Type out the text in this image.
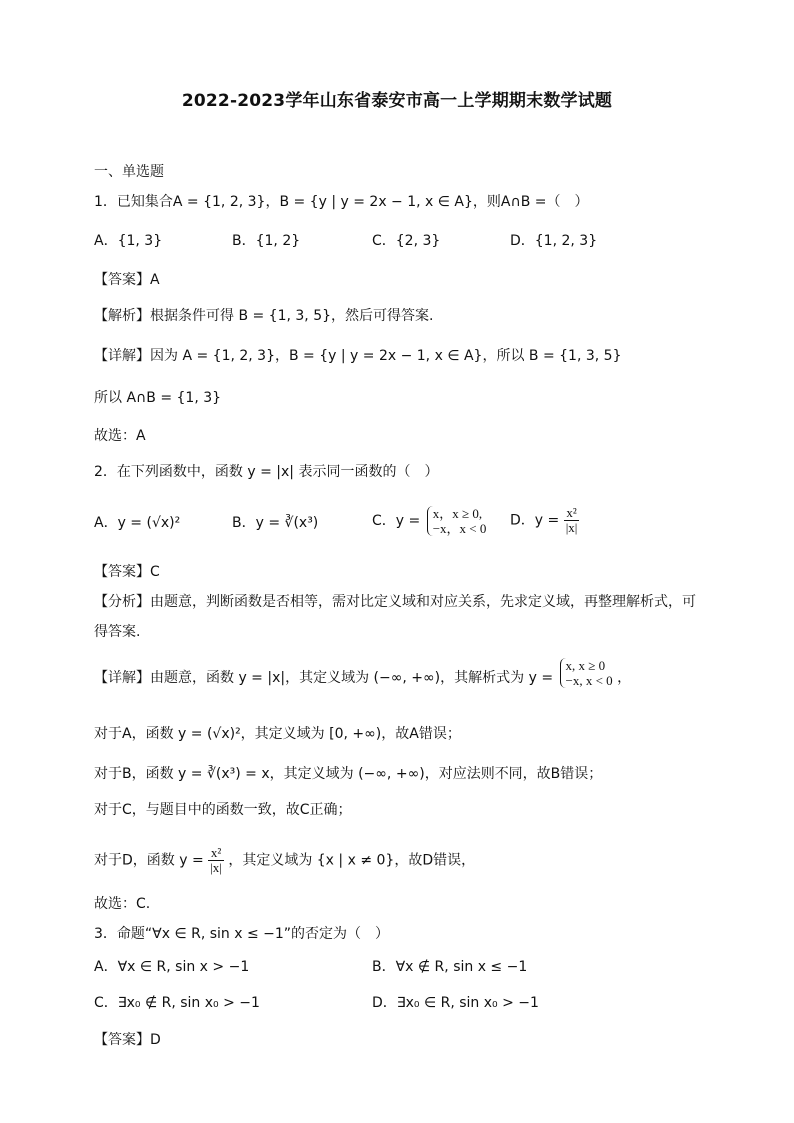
2022-2023学年山东省泰安市高一上学期期末数学试题
一、单选题
1．已知集合A = {1, 2, 3}，B = {y | y = 2x − 1, x ∈ A}，则A∩B =（　）
A．{1, 3}	B．{1, 2}	C．{2, 3}	D．{1, 2, 3}
【答案】A
【解析】根据条件可得 B = {1, 3, 5}，然后可得答案.
【详解】因为 A = {1, 2, 3}，B = {y | y = 2x − 1, x ∈ A}，所以 B = {1, 3, 5}
所以 A∩B = {1, 3}
故选：A
2．在下列函数中，函数 y = |x| 表示同一函数的（　）
A．y = (√x)²	B．y = ∛(x³)	C．y = x，x ≥ 0,
−x，x < 0 D．$y = \frac{\text{x²}}{|x|}$
【答案】C
【分析】由题意，判断函数是否相等，需对比定义域和对应关系，先求定义域，再整理解析式，可
得答案.
【详解】由题意，函数 y = |x|，其定义域为 (−∞, +∞)，其解析式为 y =
x, x ≥ 0
−x, x < 0 ，
对于A，函数 y = (√x)²，其定义域为 [0, +∞)，故A错误；
对于B，函数 y = ∛(x³) = x，其定义域为 (−∞, +∞)，对应法则不同，故B错误；
对于C，与题目中的函数一致，故C正确；
对于D，函数 $y = \frac{\text{x²}}{|x|}$ ，其定义域为 {x | x ≠ 0}，故D错误，
故选：C.
3．命题“∀x ∈ R, sin x ≤ −1”的否定为（　）
A．∀x ∈ R, sin x > −1	B．∀x ∉ R, sin x ≤ −1
C．∃x₀ ∉ R, sin x₀ > −1	D．∃x₀ ∈ R, sin x₀ > −1
【答案】D
